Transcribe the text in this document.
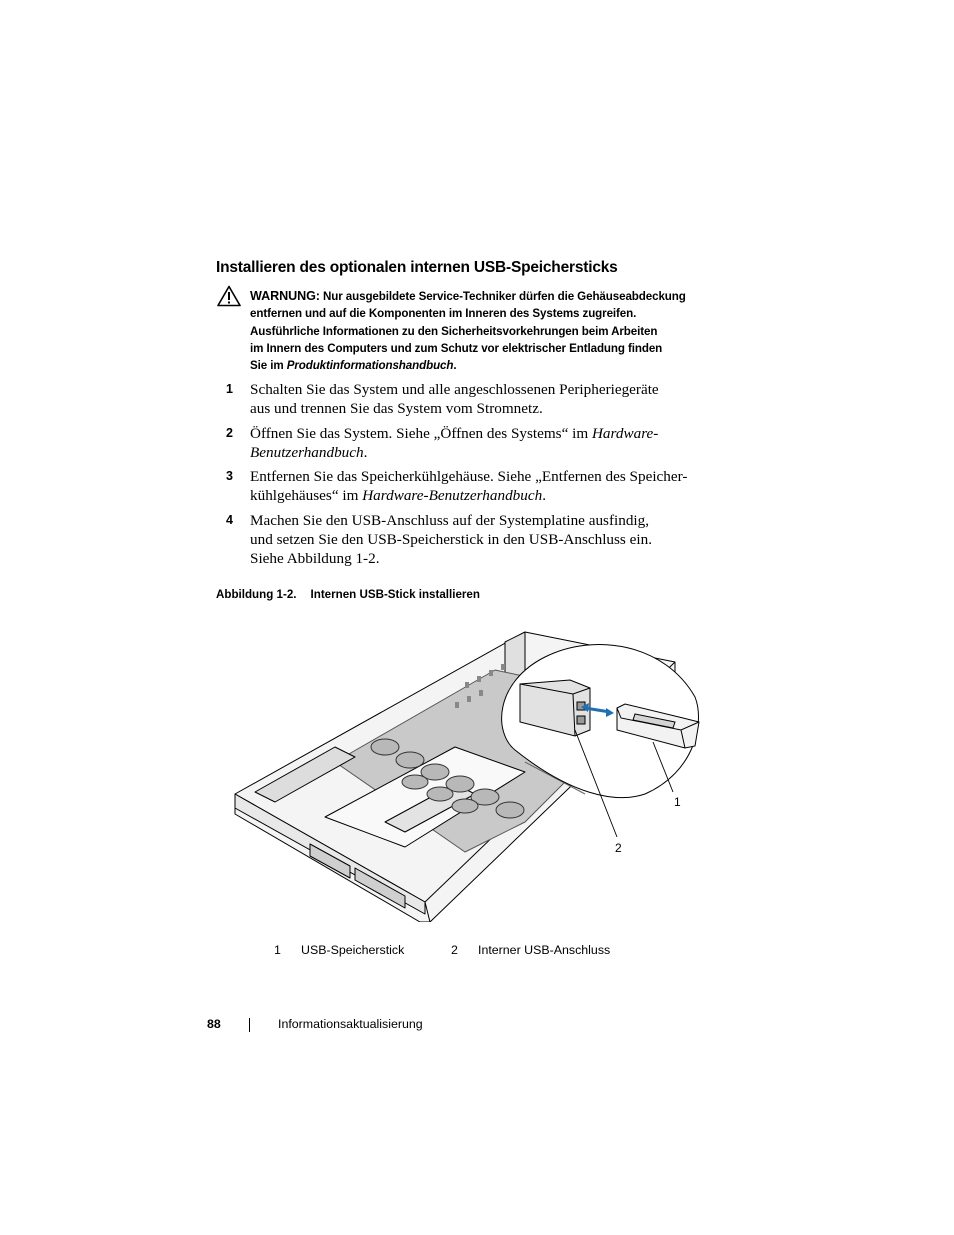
Installieren des optionalen internen USB-Speichersticks
WARNUNG: Nur ausgebildete Service-Techniker dürfen die Gehäuseabdeckung
entfernen und auf die Komponenten im Inneren des Systems zugreifen.
Ausführliche Informationen zu den Sicherheitsvorkehrungen beim Arbeiten
im Innern des Computers und zum Schutz vor elektrischer Entladung finden
Sie im Produktinformationshandbuch.
1 Schalten Sie das System und alle angeschlossenen Peripheriegeräte
aus und trennen Sie das System vom Stromnetz.
2 Öffnen Sie das System. Siehe „Öffnen des Systems“ im Hardware-
Benutzerhandbuch.
3 Entfernen Sie das Speicherkühlgehäuse. Siehe „Entfernen des Speicher-
kühlgehäuses“ im Hardware-Benutzerhandbuch.
4 Machen Sie den USB-Anschluss auf der Systemplatine ausfindig,
und setzen Sie den USB-Speicherstick in den USB-Anschluss ein.
Siehe Abbildung 1-2.
Abbildung 1-2. Internen USB-Stick installieren
1
2
1 USB-Speicherstick	2 Interner USB-Anschluss
88	Informationsaktualisierung
